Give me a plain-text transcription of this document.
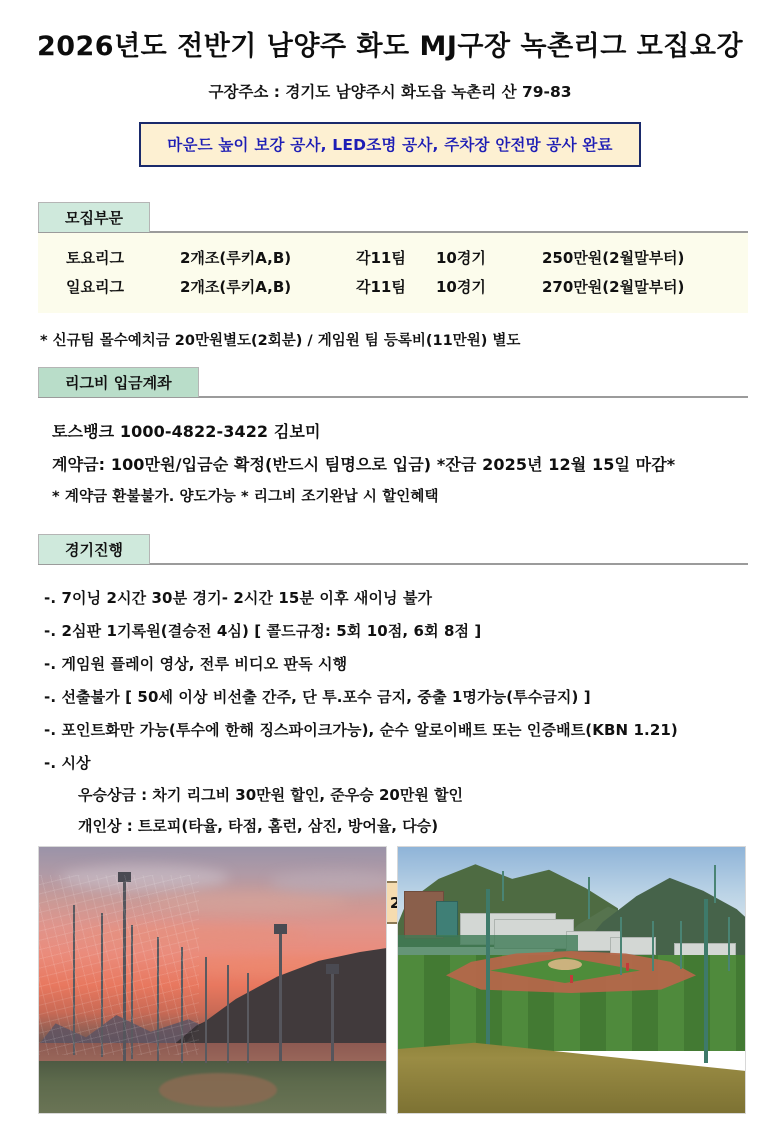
2026년도 전반기 남양주 화도 MJ구장 녹촌리그 모집요강
구장주소 : 경기도 남양주시 화도읍 녹촌리 산 79-83
마운드 높이 보강 공사, LED조명 공사, 주차장 안전망 공사 완료
모집부문
토요리그	2개조(루키A,B)	각11팀	10경기	250만원(2월말부터)
일요리그	2개조(루키A,B)	각11팀	10경기	270만원(2월말부터)
* 신규팀 몰수예치금 20만원별도(2회분) / 게임원 팀 등록비(11만원) 별도
리그비 입금계좌
토스뱅크 1000-4822-3422 김보미
계약금: 100만원/입금순 확정(반드시 팀명으로 입금) *잔금 2025년 12월 15일 마감*
* 계약금 환불불가. 양도가능 * 리그비 조기완납 시 할인혜택
경기진행
-. 7이닝 2시간 30분 경기- 2시간 15분 이후 새이닝 불가
-. 2심판 1기록원(결승전 4심) [ 콜드규정: 5회 10점, 6회 8점 ]
-. 게임원 플레이 영상, 전루 비디오 판독 시행
-. 선출불가 [ 50세 이상 비선출 간주, 단 투.포수 금지, 중출 1명가능(투수금지) ]
-. 포인트화만 가능(투수에 한해 징스파이크가능), 순수 알로이배트 또는 인증배트(KBN 1.21)
-. 시상
우승상금 : 차기 리그비 30만원 할인, 준우승 20만원 할인
개인상 : 트로피(타율, 타점, 홈런, 삼진, 방어율, 다승)
